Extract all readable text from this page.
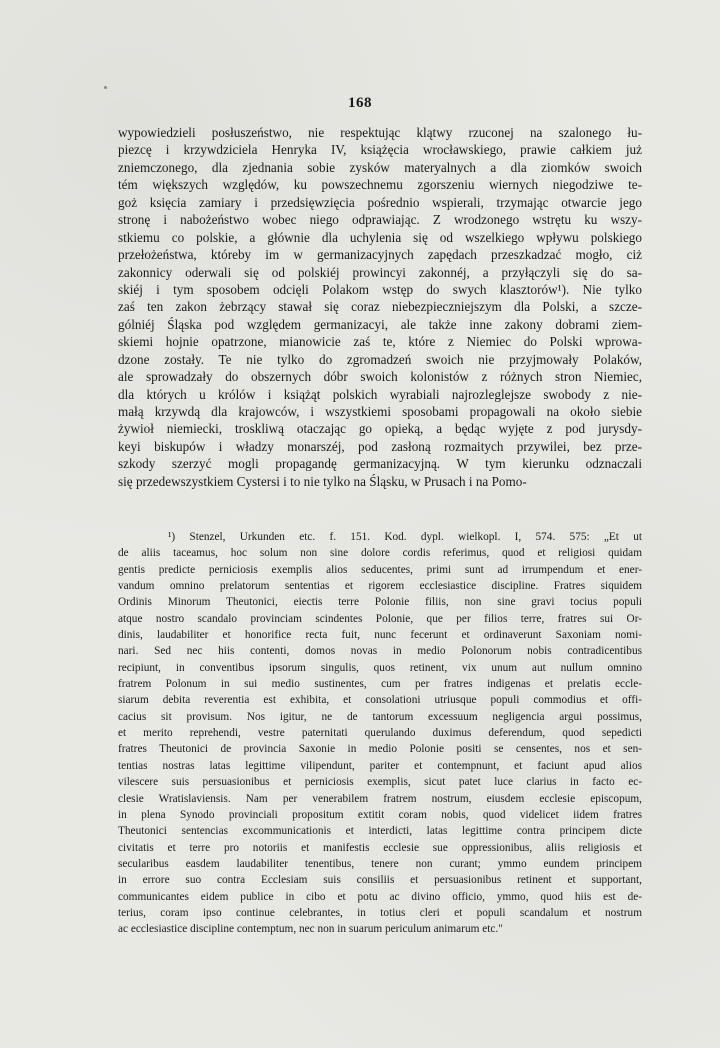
168
wypowiedzieli posłuszeństwo, nie respektując klątwy rzuconej na szalonego łu-
piezcę i krzywdziciela Henryka IV, książęcia wrocławskiego, prawie całkiem już
zniemczonego, dla zjednania sobie zysków materyalnych a dla ziomków swoich
tém większych względów, ku powszechnemu zgorszeniu wiernych niegodziwe te-
goż księcia zamiary i przedsięwzięcia pośrednio wspierali, trzymając otwarcie jego
stronę i nabożeństwo wobec niego odprawiając. Z wrodzonego wstrętu ku wszy-
stkiemu co polskie, a głównie dla uchylenia się od wszelkiego wpływu polskiego
przełożeństwa, któreby im w germanizacyjnych zapędach przeszkadzać mogło, ciż
zakonnicy oderwali się od polskiéj prowincyi zakonnéj, a przyłączyli się do sa-
skiéj i tym sposobem odcięli Polakom wstęp do swych klasztorów¹). Nie tylko
zaś ten zakon żebrzący stawał się coraz niebezpieczniejszym dla Polski, a szcze-
gólniéj Śląska pod względem germanizacyi, ale także inne zakony dobrami ziem-
skiemi hojnie opatrzone, mianowicie zaś te, które z Niemiec do Polski wprowa-
dzone zostały. Te nie tylko do zgromadzeń swoich nie przyjmowały Polaków,
ale sprowadzały do obszernych dóbr swoich kolonistów z różnych stron Niemiec,
dla których u królów i książąt polskich wyrabiali najrozleglejsze swobody z nie-
małą krzywdą dla krajowców, i wszystkiemi sposobami propagowali na około siebie
żywioł niemiecki, troskliwą otaczając go opieką, a będąc wyjęte z pod jurysdy-
keyi biskupów i władzy monarszéj, pod zasłoną rozmaitych przywilei, bez prze-
szkody szerzyć mogli propagandę germanizacyjną. W tym kierunku odznaczali
się przedewszystkiem Cystersi i to nie tylko na Śląsku, w Prusach i na Pomo-
¹) Stenzel, Urkunden etc. f. 151. Kod. dypl. wielkopl. I, 574. 575: „Et ut
de aliis taceamus, hoc solum non sine dolore cordis referimus, quod et religiosi quidam
gentis predicte perniciosis exemplis alios seducentes, primi sunt ad irrumpendum et ener-
vandum omnino prelatorum sententias et rigorem ecclesiastice discipline. Fratres siquidem
Ordinis Minorum Theutonici, eiectis terre Polonie filiis, non sine gravi tocius populi
atque nostro scandalo provinciam scindentes Polonie, que per filios terre, fratres sui Or-
dinis, laudabiliter et honorifice recta fuit, nunc fecerunt et ordinaverunt Saxoniam nomi-
nari. Sed nec hiis contenti, domos novas in medio Polonorum nobis contradicentibus
recipiunt, in conventibus ipsorum singulis, quos retinent, vix unum aut nullum omnino
fratrem Polonum in sui medio sustinentes, cum per fratres indigenas et prelatis eccle-
siarum debita reverentia est exhibita, et consolationi utriusque populi commodius et offi-
cacius sit provisum. Nos igitur, ne de tantorum excessuum negligencia argui possimus,
et merito reprehendi, vestre paternitati querulando duximus deferendum, quod sepedicti
fratres Theutonici de provincia Saxonie in medio Polonie positi se censentes, nos et sen-
tentias nostras latas legittime vilipendunt, pariter et contempnunt, et faciunt apud alios
vilescere suis persuasionibus et perniciosis exemplis, sicut patet luce clarius in facto ec-
clesie Wratislaviensis. Nam per venerabilem fratrem nostrum, eiusdem ecclesie episcopum,
in plena Synodo provinciali propositum extitit coram nobis, quod videlicet iidem fratres
Theutonici sentencias excommunicationis et interdicti, latas legittime contra principem dicte
civitatis et terre pro notoriis et manifestis ecclesie sue oppressionibus, aliis religiosis et
secularibus easdem laudabiliter tenentibus, tenere non curant; ymmo eundem principem
in errore suo contra Ecclesiam suis consiliis et persuasionibus retinent et supportant,
communicantes eidem publice in cibo et potu ac divino officio, ymmo, quod hiis est de-
terius, coram ipso continue celebrantes, in totius cleri et populi scandalum et nostrum
ac ecclesiastice discipline contemptum, nec non in suarum periculum animarum etc."
